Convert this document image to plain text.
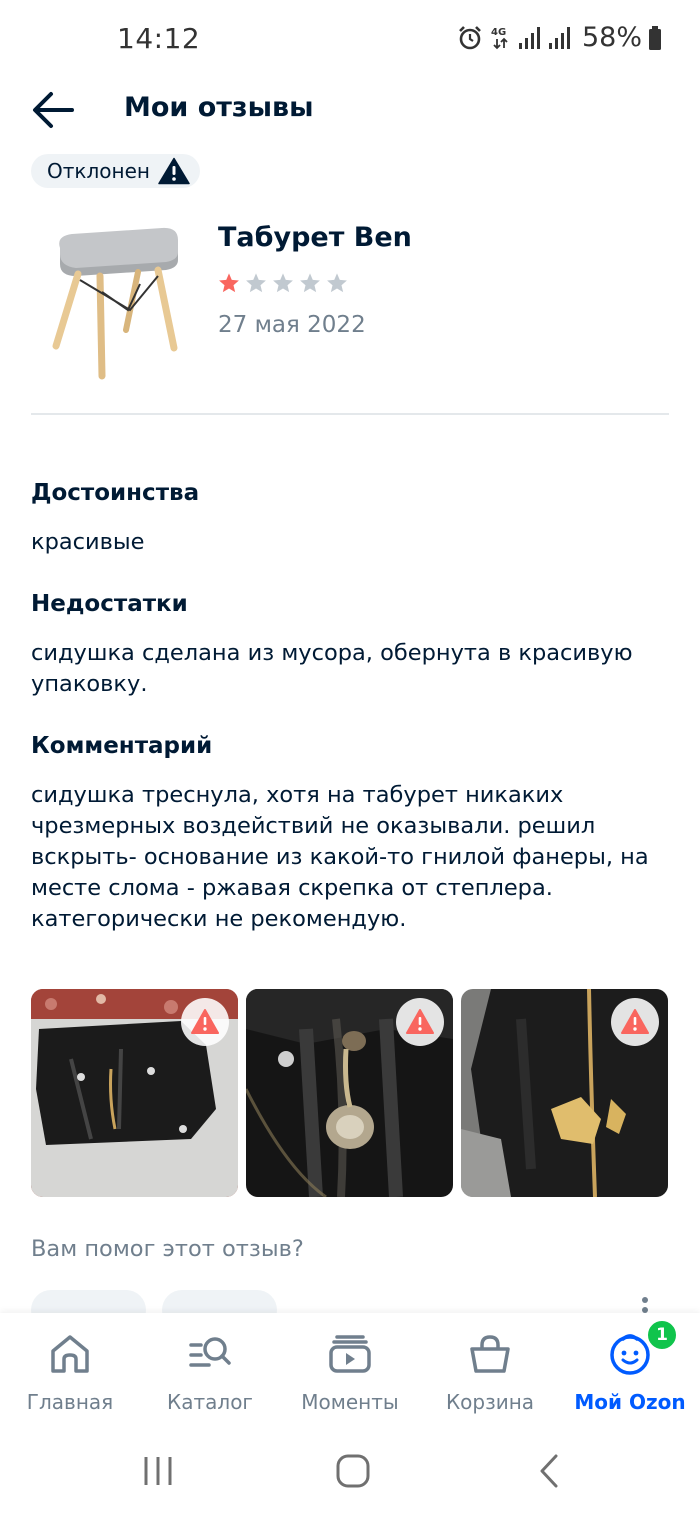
14:12	4G	58%
Мои отзывы
Отклонен
Табурет Ben
27 мая 2022
Достоинства
красивые
Недостатки
сидушка сделана из мусора, обернута в красивую упаковку.
Комментарий
сидушка треснула, хотя на табурет никаких чрезмерных воздействий не оказывали. решил вскрыть- основание из какой-то гнилой фанеры, на месте слома - ржавая скрепка от степлера. категорически не рекомендую.
Вам помог этот отзыв?
Главная	Каталог Моменты Корзина Мой Ozon
1
